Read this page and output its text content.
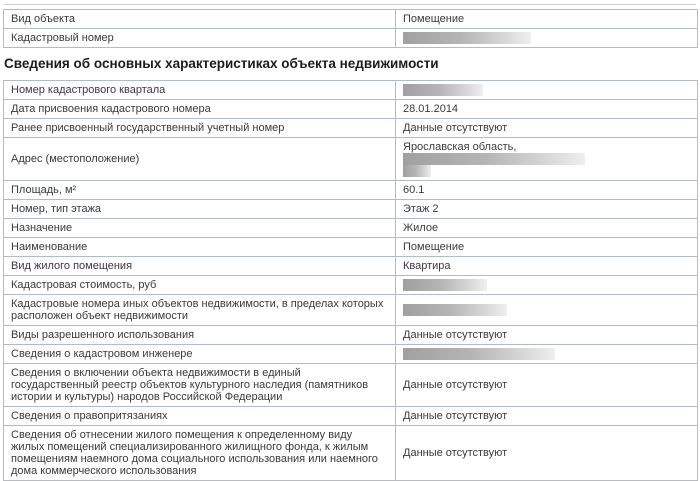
Вид объекта	Помещение
Кадастровый номер	
Сведения об основных характеристиках объекта недвижимости
Номер кадастрового квартала	
Дата присвоения кадастрового номера	28.01.2014
Ранее присвоенный государственный учетный номер	Данные отсутствуют
Адрес (местоположение)	Ярославская область,

Площадь, м²	60.1
Номер, тип этажа	Этаж 2
Назначение	Жилое
Наименование	Помещение
Вид жилого помещения	Квартира
Кадастровая стоимость, руб	
Кадастровые номера иных объектов недвижимости, в пределах которых расположен объект недвижимости	
Виды разрешенного использования	Данные отсутствуют
Сведения о кадастровом инженере	
Сведения о включении объекта недвижимости в единый государственный реестр объектов культурного наследия (памятников истории и культуры) народов Российской Федерации	Данные отсутствуют
Сведения о правопритязаниях	Данные отсутствуют
Сведения об отнесении жилого помещения к определенному виду жилых помещений специализированного жилищного фонда, к жилым помещениям наемного дома социального использования или наемного дома коммерческого использования	Данные отсутствуют
